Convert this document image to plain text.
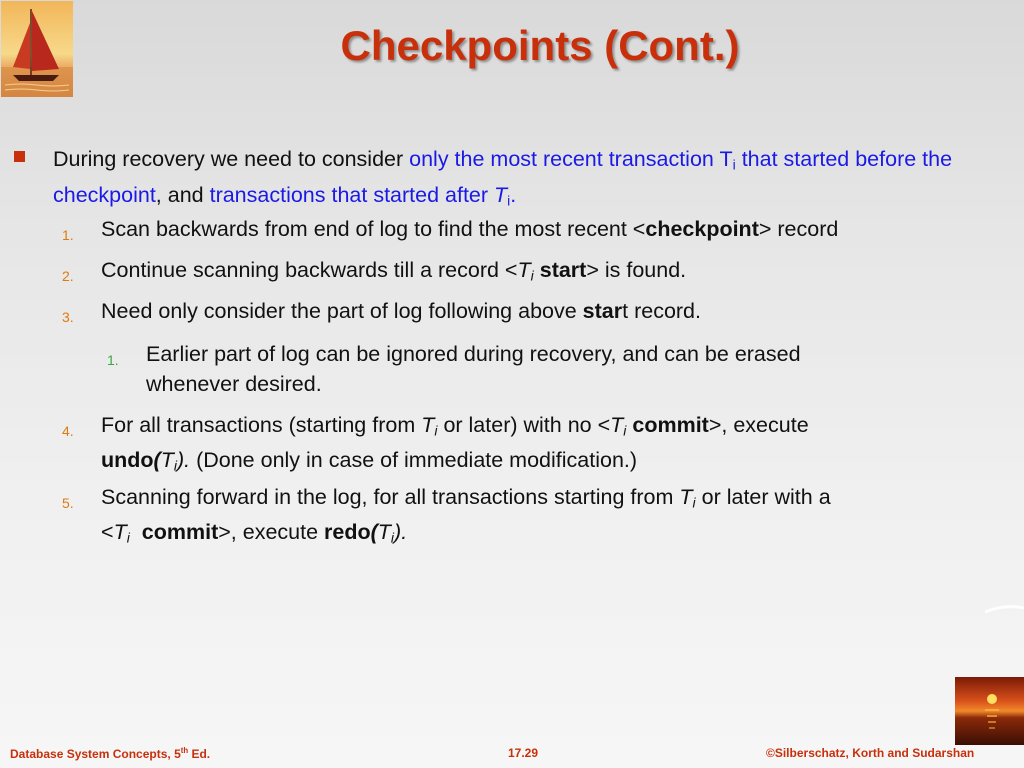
Checkpoints (Cont.)
During recovery we need to consider only the most recent transaction $T_i$ that started before the checkpoint, and transactions that started after $T_i$.
1. Scan backwards from end of log to find the most recent <checkpoint> record
2. Continue scanning backwards till a record $<T_i$ start> is found.
3. Need only consider the part of log following above start record.
1. Earlier part of log can be ignored during recovery, and can be erased
whenever desired.
4. For all transactions (starting from $T_i$ or later) with no $<T_i$ commit>, execute
$undo(T_i)$. (Done only in case of immediate modification.)
5. Scanning forward in the log, for all transactions starting from $T_i$ or later with a
$<T_i$ commit>, execute $redo(T_i)$.
Database System Concepts, 5th Ed.	17.29	©Silberschatz, Korth and Sudarshan
